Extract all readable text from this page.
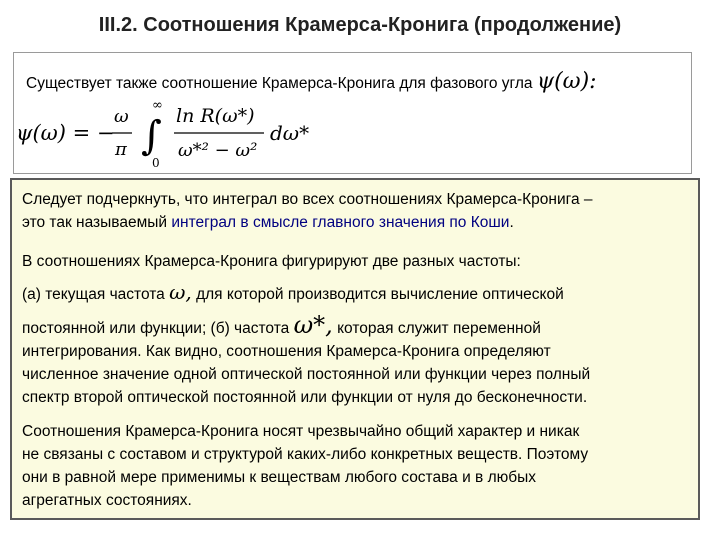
III.2. Соотношения Крамерса-Кронига (продолжение)
Существует также соотношение Крамерса-Кронига для фазового угла ψ(ω):
ψ(ω) = −
ω
π ∫
∞
0
ln R(ω*)
ω*² − ω²
dω*
Следует подчеркнуть, что интеграл во всех соотношениях Крамерса-Кронига –
это так называемый интеграл в смысле главного значения по Коши.
В соотношениях Крамерса-Кронига фигурируют две разных частоты:
(а) текущая частота ω, для которой производится вычисление оптической
постоянной или функции; (б) частота ω*, которая служит переменной
интегрирования. Как видно, соотношения Крамерса-Кронига определяют
численное значение одной оптической постоянной или функции через полный
спектр второй оптической постоянной или функции от нуля до бесконечности.
Соотношения Крамерса-Кронига носят чрезвычайно общий характер и никак
не связаны с составом и структурой каких-либо конкретных веществ. Поэтому
они в равной мере применимы к веществам любого состава и в любых
агрегатных состояниях.
